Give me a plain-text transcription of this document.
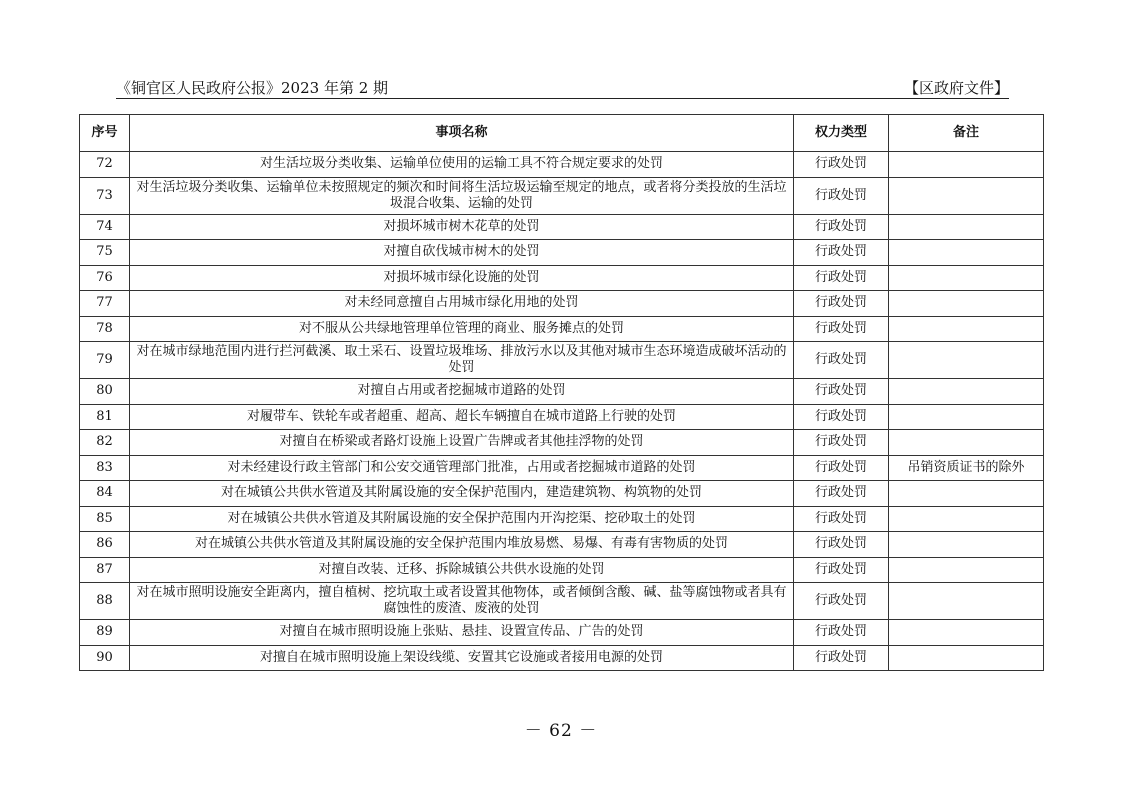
《铜官区人民政府公报》2023 年第 2 期	【区政府文件】
序号	事项名称	权力类型	备注
72	对生活垃圾分类收集、运输单位使用的运输工具不符合规定要求的处罚	行政处罚	
73	对生活垃圾分类收集、运输单位未按照规定的频次和时间将生活垃圾运输至规定的地点，或者将分类投放的生活垃圾混合收集、运输的处罚	行政处罚	
74	对损坏城市树木花草的处罚	行政处罚	
75	对擅自砍伐城市树木的处罚	行政处罚	
76	对损坏城市绿化设施的处罚	行政处罚	
77	对未经同意擅自占用城市绿化用地的处罚	行政处罚	
78	对不服从公共绿地管理单位管理的商业、服务摊点的处罚	行政处罚	
79	对在城市绿地范围内进行拦河截溪、取土采石、设置垃圾堆场、排放污水以及其他对城市生态环境造成破坏活动的处罚	行政处罚	
80	对擅自占用或者挖掘城市道路的处罚	行政处罚	
81	对履带车、铁轮车或者超重、超高、超长车辆擅自在城市道路上行驶的处罚	行政处罚	
82	对擅自在桥梁或者路灯设施上设置广告牌或者其他挂浮物的处罚	行政处罚	
83	对未经建设行政主管部门和公安交通管理部门批准，占用或者挖掘城市道路的处罚	行政处罚	吊销资质证书的除外
84	对在城镇公共供水管道及其附属设施的安全保护范围内，建造建筑物、构筑物的处罚	行政处罚	
85	对在城镇公共供水管道及其附属设施的安全保护范围内开沟挖渠、挖砂取土的处罚	行政处罚	
86	对在城镇公共供水管道及其附属设施的安全保护范围内堆放易燃、易爆、有毒有害物质的处罚	行政处罚	
87	对擅自改装、迁移、拆除城镇公共供水设施的处罚	行政处罚	
88	对在城市照明设施安全距离内，擅自植树、挖坑取土或者设置其他物体，或者倾倒含酸、碱、盐等腐蚀物或者具有腐蚀性的废渣、废液的处罚	行政处罚	
89	对擅自在城市照明设施上张贴、悬挂、设置宣传品、广告的处罚	行政处罚	
90	对擅自在城市照明设施上架设线缆、安置其它设施或者接用电源的处罚	行政处罚	
－ 62 －
